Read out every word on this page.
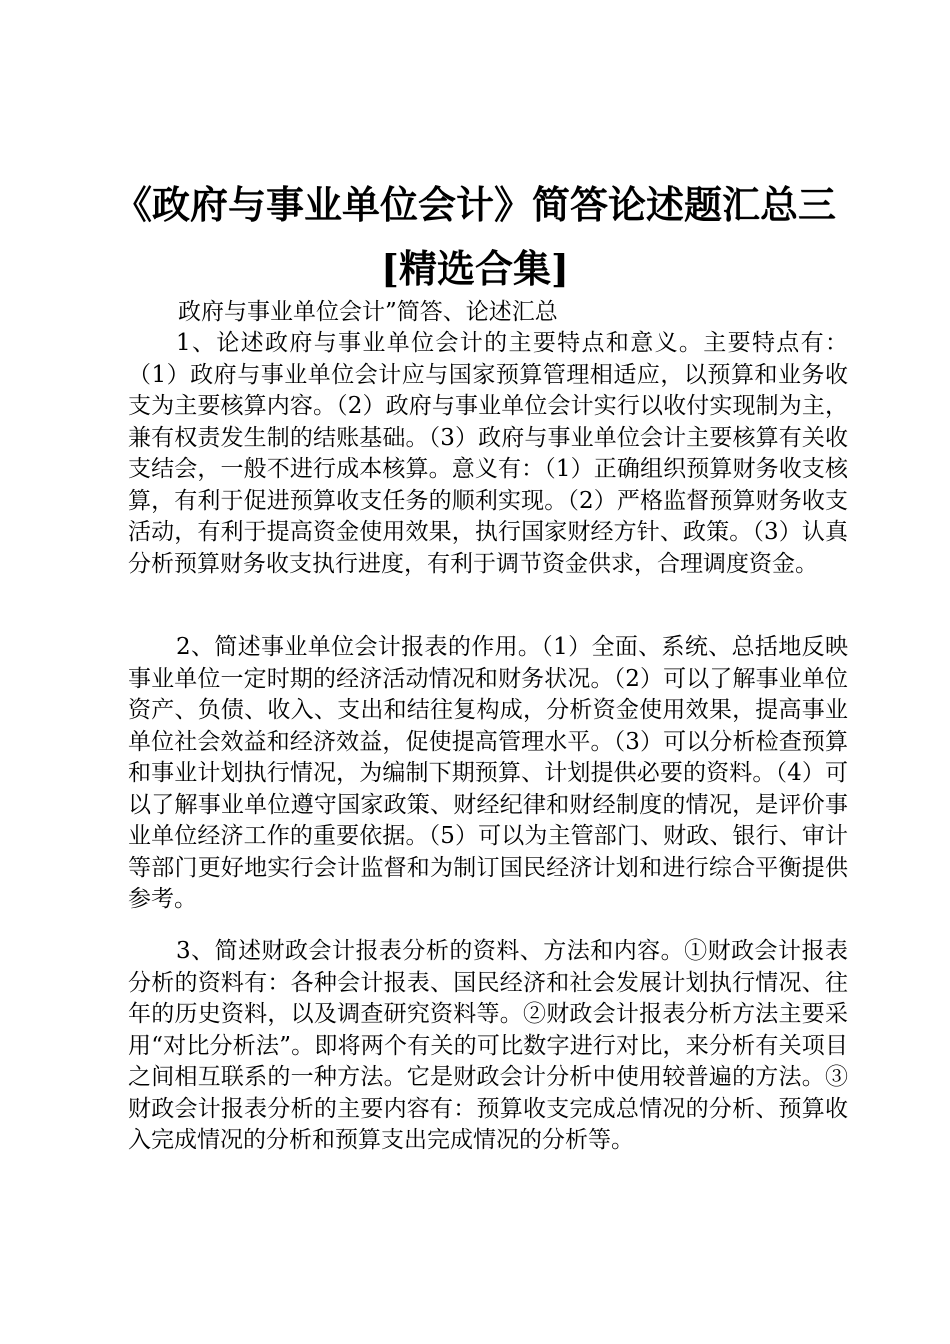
《政府与事业单位会计》简答论述题汇总三
[精选合集]
政府与事业单位会计”简答、论述汇总

1、论述政府与事业单位会计的主要特点和意义。主要特点有：（1）政府与事业单位会计应与国家预算管理相适应，以预算和业务收支为主要核算内容。（2）政府与事业单位会计实行以收付实现制为主，兼有权责发生制的结账基础。（3）政府与事业单位会计主要核算有关收支结会，一般不进行成本核算。意义有：（1）正确组织预算财务收支核算，有利于促进预算收支任务的顺利实现。（2）严格监督预算财务收支活动，有利于提高资金使用效果，执行国家财经方针、政策。（3）认真分析预算财务收支执行进度，有利于调节资金供求，合理调度资金。

2、简述事业单位会计报表的作用。（1）全面、系统、总括地反映事业单位一定时期的经济活动情况和财务状况。（2）可以了解事业单位资产、负债、收入、支出和结往复构成，分析资金使用效果，提高事业单位社会效益和经济效益，促使提高管理水平。（3）可以分析检查预算和事业计划执行情况，为编制下期预算、计划提供必要的资料。（4）可以了解事业单位遵守国家政策、财经纪律和财经制度的情况，是评价事业单位经济工作的重要依据。（5）可以为主管部门、财政、银行、审计等部门更好地实行会计监督和为制订国民经济计划和进行综合平衡提供参考。

3、简述财政会计报表分析的资料、方法和内容。①财政会计报表分析的资料有：各种会计报表、国民经济和社会发展计划执行情况、往年的历史资料，以及调查研究资料等。②财政会计报表分析方法主要采用“对比分析法”。即将两个有关的可比数字进行对比，来分析有关项目之间相互联系的一种方法。它是财政会计分析中使用较普遍的方法。③财政会计报表分析的主要内容有：预算收支完成总情况的分析、预算收入完成情况的分析和预算支出完成情况的分析等。
